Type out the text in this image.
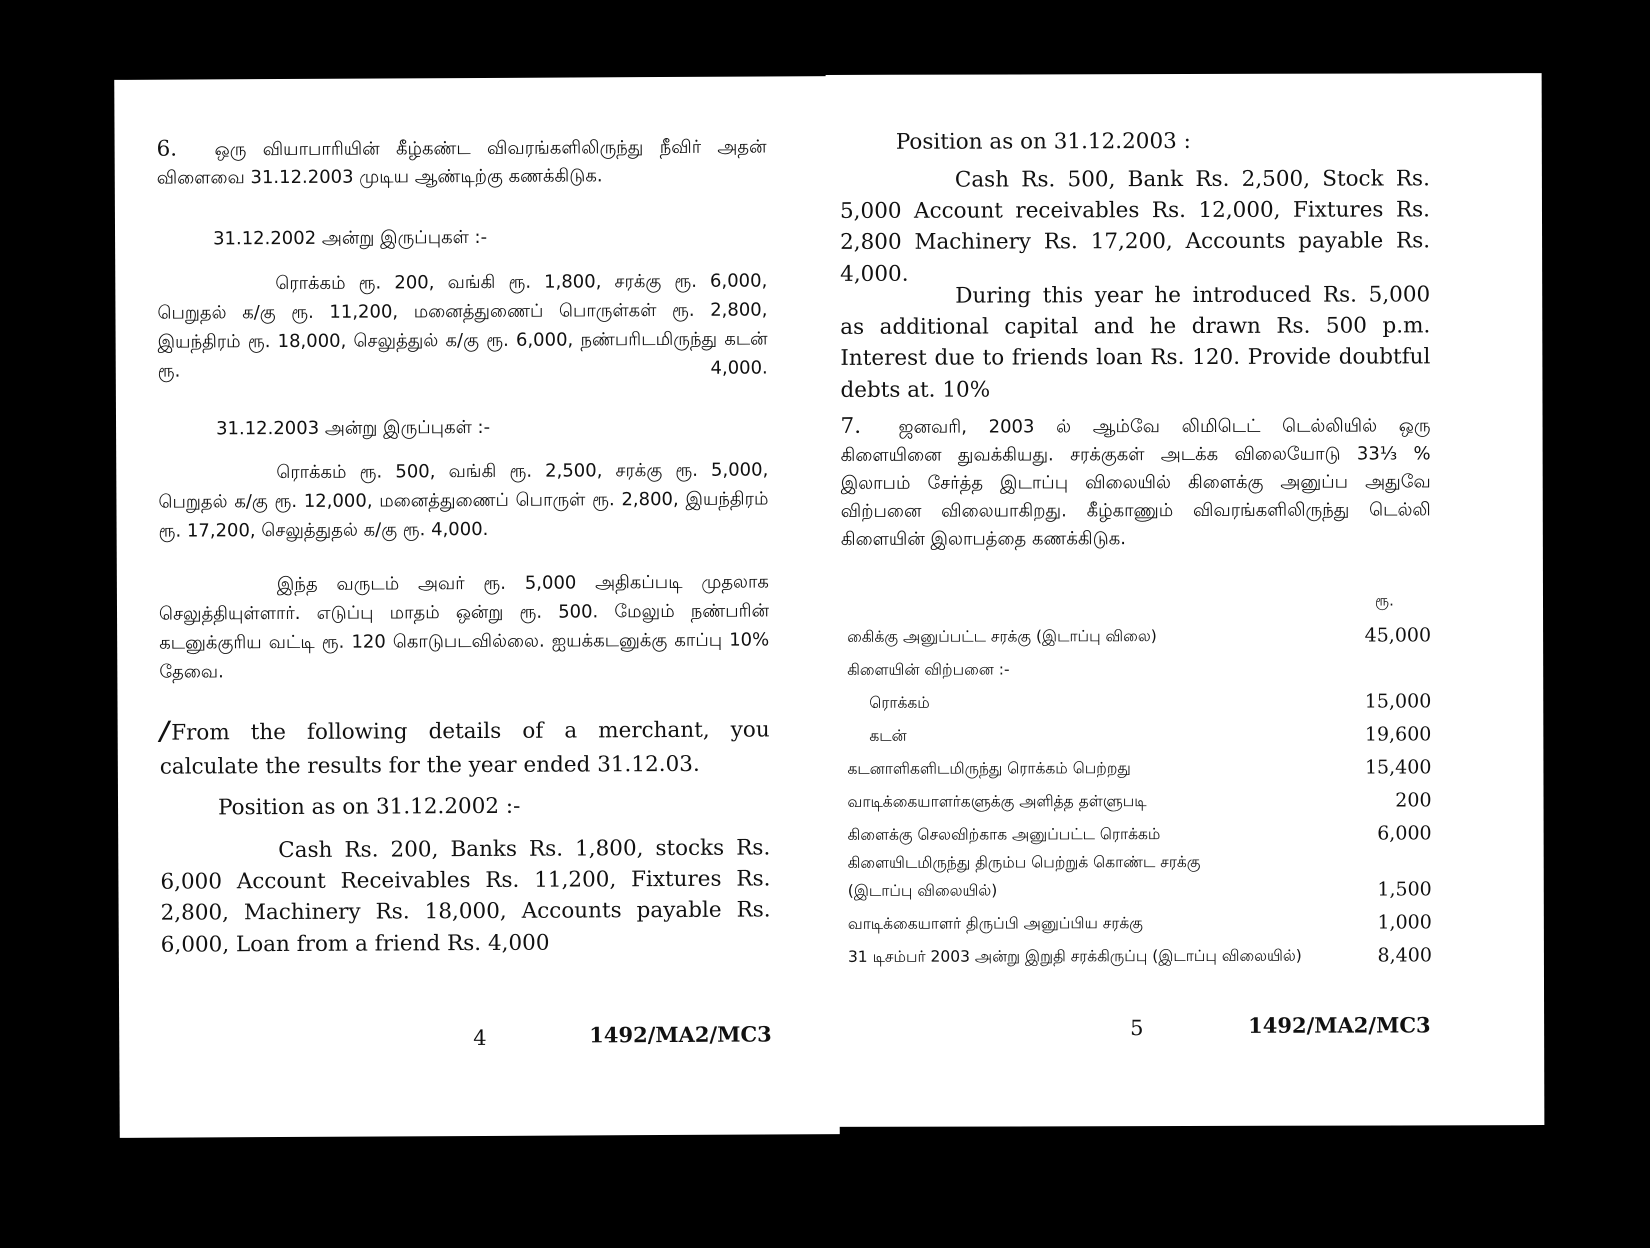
6. ஒரு வியாபாரியின் கீழ்கண்ட விவரங்களிலிருந்து நீவிர் அதன் விளைவை 31.12.2003 முடிய ஆண்டிற்கு கணக்கிடுக.

31.12.2002 அன்று இருப்புகள் :-

ரொக்கம் ரூ. 200, வங்கி ரூ. 1,800, சரக்கு ரூ. 6,000, பெறுதல் க/கு ரூ. 11,200, மனைத்துணைப் பொருள்கள் ரூ. 2,800, இயந்திரம் ரூ. 18,000, செலுத்துல் க/கு ரூ. 6,000, நண்பரிடமிருந்து கடன் ரூ. 4,000.

31.12.2003 அன்று இருப்புகள் :-

ரொக்கம் ரூ. 500, வங்கி ரூ. 2,500, சரக்கு ரூ. 5,000, பெறுதல் க/கு ரூ. 12,000, மனைத்துணைப் பொருள் ரூ. 2,800, இயந்திரம் ரூ. 17,200, செலுத்துதல் க/கு ரூ. 4,000.

இந்த வருடம் அவர் ரூ. 5,000 அதிகப்படி முதலாக செலுத்தியுள்ளார். எடுப்பு மாதம் ஒன்று ரூ. 500. மேலும் நண்பரின் கடனுக்குரிய வட்டி ரூ. 120 கொடுபடவில்லை. ஐயக்கடனுக்கு காப்பு 10% தேவை.

/From the following details of a merchant, you calculate the results for the year ended 31.12.03.

Position as on 31.12.2002 :-

Cash Rs. 200, Banks Rs. 1,800, stocks Rs. 6,000 Account Receivables Rs. 11,200, Fixtures Rs. 2,800, Machinery Rs. 18,000, Accounts payable Rs. 6,000, Loan from a friend Rs. 4,000

4	1492/MA2/MC3

Position as on 31.12.2003 :

Cash Rs. 500, Bank Rs. 2,500, Stock Rs. 5,000 Account receivables Rs. 12,000, Fixtures Rs. 2,800 Machinery Rs. 17,200, Accounts payable Rs. 4,000.

During this year he introduced Rs. 5,000 as additional capital and he drawn Rs. 500 p.m. Interest due to friends loan Rs. 120. Provide doubtful debts at. 10%

7. ஜனவரி, 2003 ல் ஆம்வே லிமிடெட் டெல்லியில் ஒரு கிளையினை துவக்கியது. சரக்குகள் அடக்க விலையோடு 33⅓ % இலாபம் சேர்த்த இடாப்பு விலையில் கிளைக்கு அனுப்ப அதுவே விற்பனை விலையாகிறது. கீழ்காணும் விவரங்களிலிருந்து டெல்லி கிளையின் இலாபத்தை கணக்கிடுக.

ரூ.
கிைக்கு அனுப்பட்ட சரக்கு (இடாப்பு விலை)	45,000
கிளையின் விற்பனை :-	
ரொக்கம்	15,000
கடன்	19,600
கடனாளிகளிடமிருந்து ரொக்கம் பெற்றது	15,400
வாடிக்கையாளர்களுக்கு அளித்த தள்ளுபடி	200
கிளைக்கு செலவிற்காக அனுப்பட்ட ரொக்கம்	6,000
கிளையிடமிருந்து திரும்ப பெற்றுக் கொண்ட சரக்கு	
(இடாப்பு விலையில்)	1,500
வாடிக்கையாளர் திருப்பி அனுப்பிய சரக்கு	1,000
31 டிசம்பர் 2003 அன்று இறுதி சரக்கிருப்பு (இடாப்பு விலையில்)	8,400
5	1492/MA2/MC3
